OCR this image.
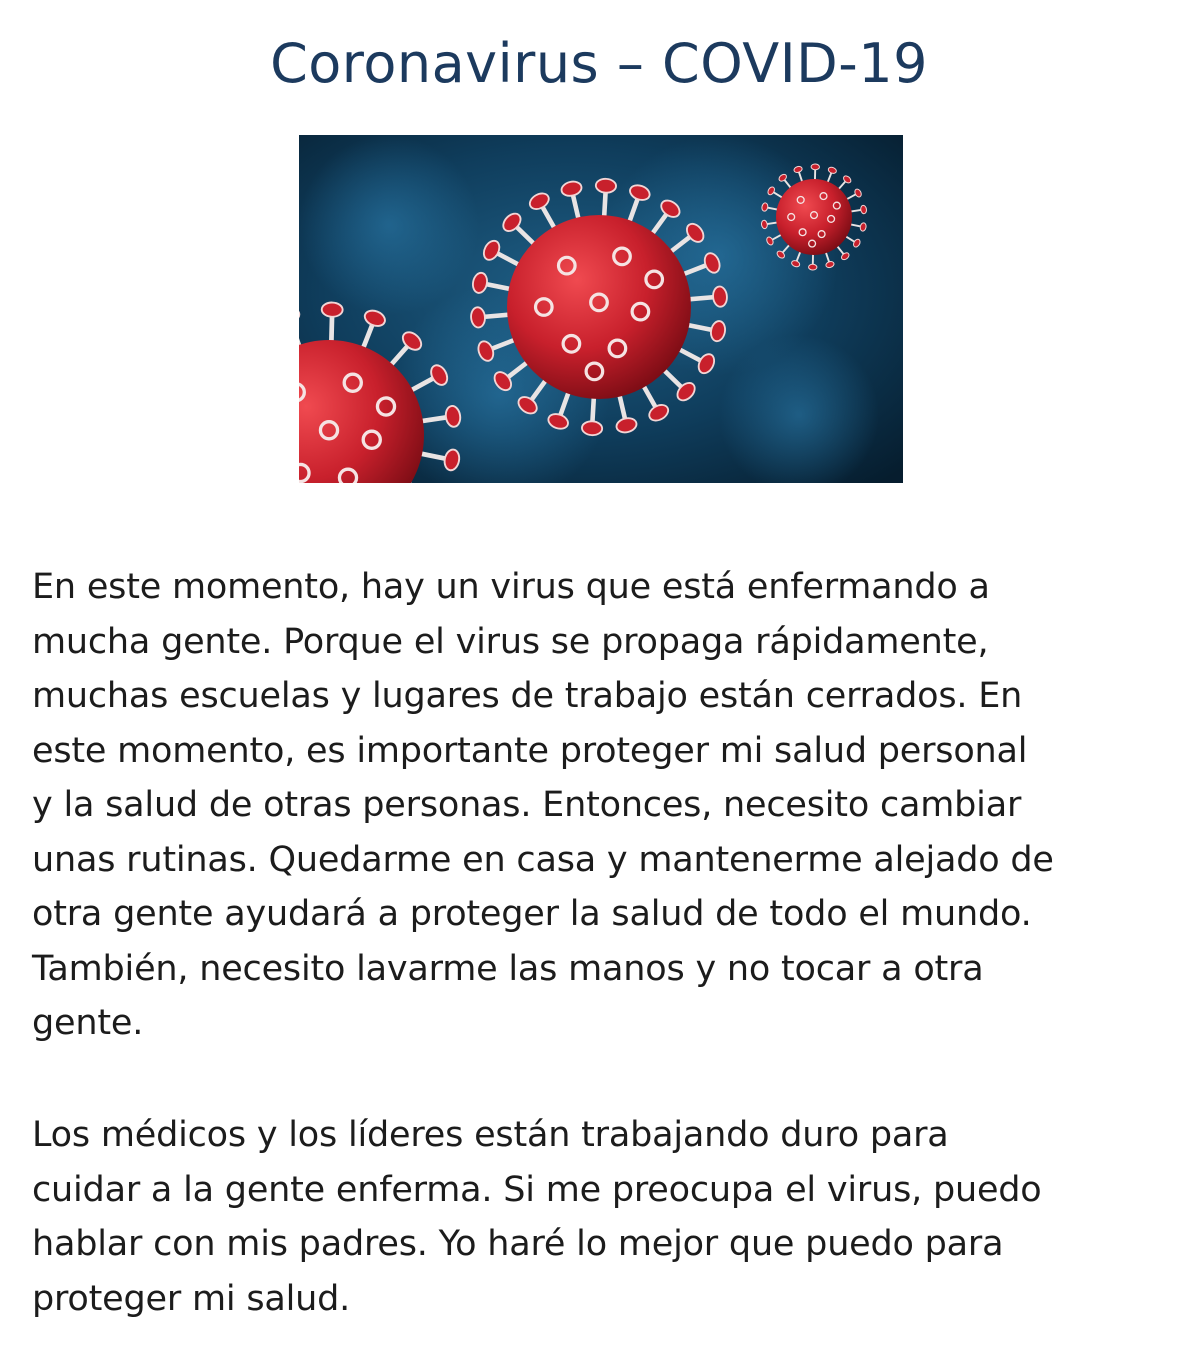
Coronavirus – COVID-19
En este momento, hay un virus que está enfermando a
mucha gente. Porque el virus se propaga rápidamente,
muchas escuelas y lugares de trabajo están cerrados. En
este momento, es importante proteger mi salud personal
y la salud de otras personas. Entonces, necesito cambiar
unas rutinas. Quedarme en casa y mantenerme alejado de
otra gente ayudará a proteger la salud de todo el mundo.
También, necesito lavarme las manos y no tocar a otra
gente.
Los médicos y los líderes están trabajando duro para
cuidar a la gente enferma. Si me preocupa el virus, puedo
hablar con mis padres. Yo haré lo mejor que puedo para
proteger mi salud.
